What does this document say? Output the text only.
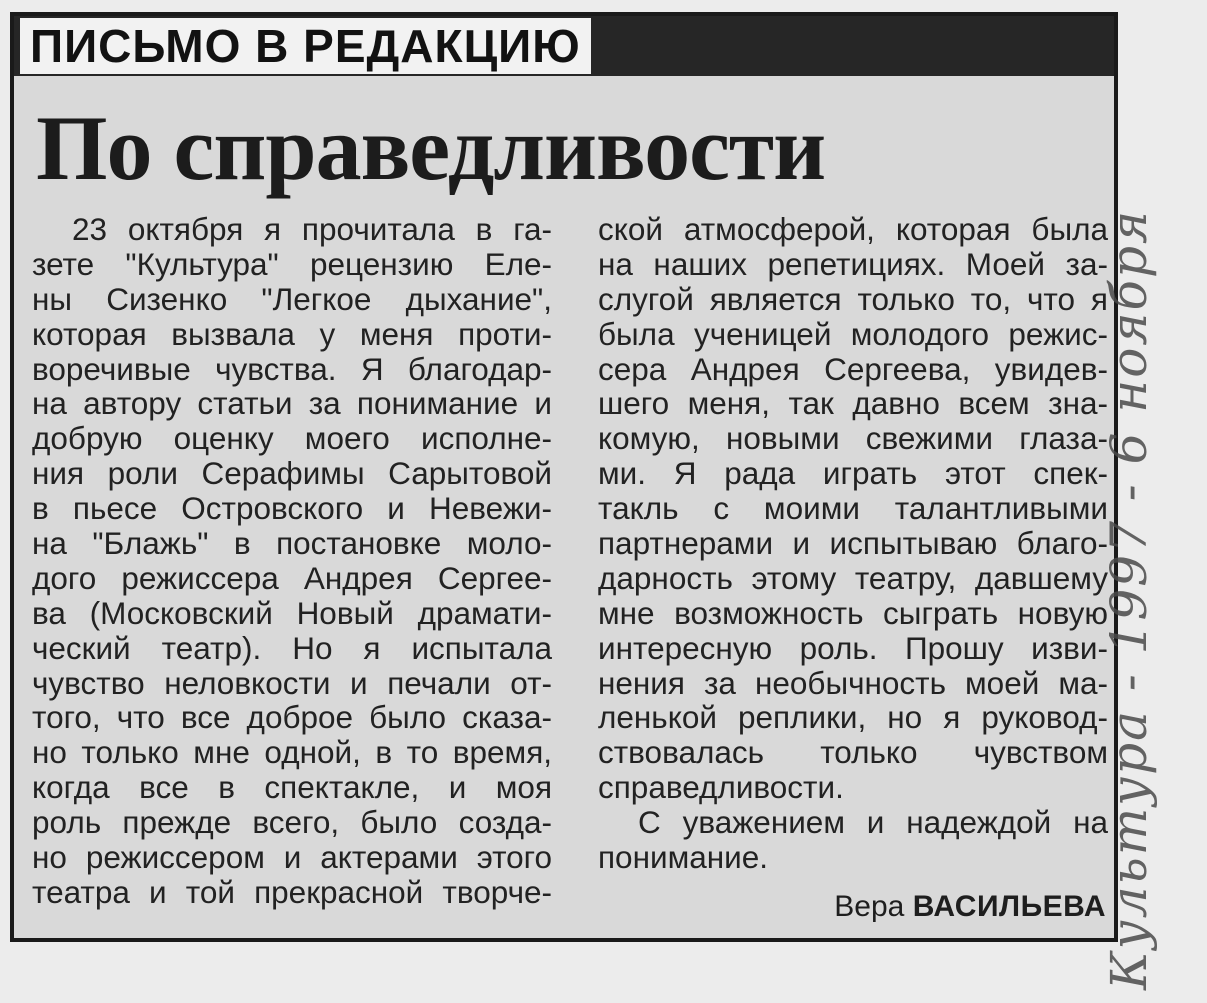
ПИСЬМО В РЕДАКЦИЮ
По справедливости
23 октября я прочитала в га-
зете "Культура" рецензию Еле-
ны Сизенко "Легкое дыхание",
которая вызвала у меня проти-
воречивые чувства. Я благодар-
на автору статьи за понимание и
добрую оценку моего исполне-
ния роли Серафимы Сарытовой
в пьесе Островского и Невежи-
на "Блажь" в постановке моло-
дого режиссера Андрея Сергее-
ва (Московский Новый драмати-
ческий театр). Но я испытала
чувство неловкости и печали от-
того, что все доброе было сказа-
но только мне одной, в то время,
когда все в спектакле, и моя
роль прежде всего, было созда-
но режиссером и актерами этого
театра и той прекрасной творче-
ской атмосферой, которая была
на наших репетициях. Моей за-
слугой является только то, что я
была ученицей молодого режис-
сера Андрея Сергеева, увидев-
шего меня, так давно всем зна-
комую, новыми свежими глаза-
ми. Я рада играть этот спек-
такль с моими талантливыми
партнерами и испытываю благо-
дарность этому театру, давшему
мне возможность сыграть новую
интересную роль. Прошу изви-
нения за необычность моей ма-
ленькой реплики, но я руковод-
ствовалась только чувством
справедливости.
С уважением и надеждой на
понимание.
Вера ВАСИЛЬЕВА
Культура - 1997 - 6 ноября
